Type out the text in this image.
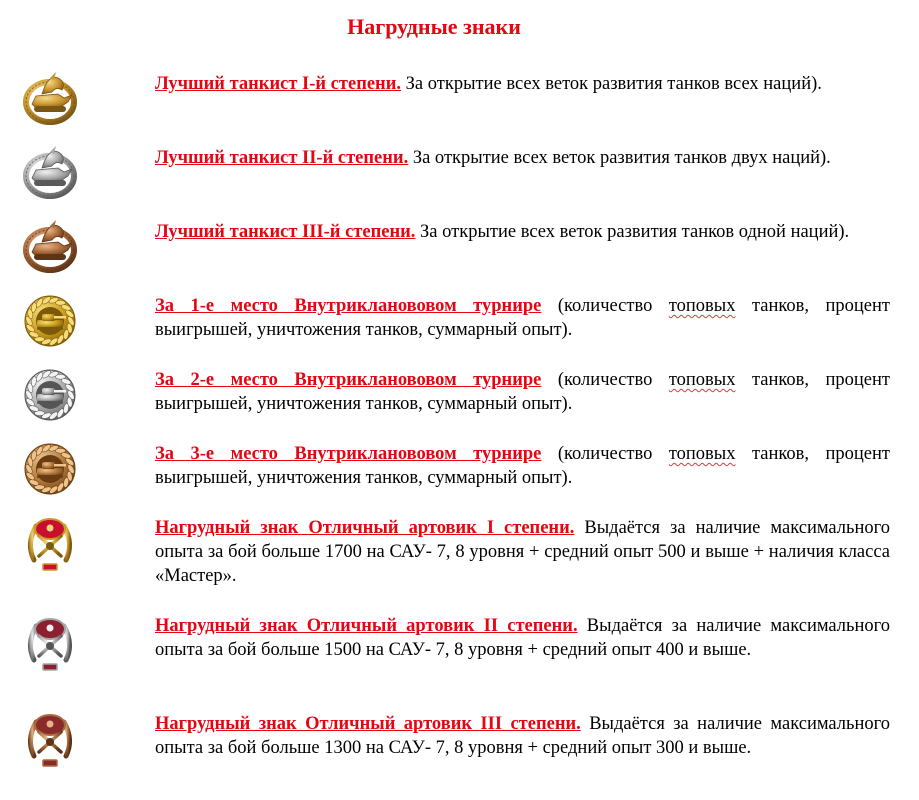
Нагрудные знаки
Лучший танкист I-й степени. За открытие всех веток развития танков всех наций).
Лучший танкист II-й степени. За открытие всех веток развития танков двух наций).
Лучший танкист III-й степени. За открытие всех веток развития танков одной наций).
За 1-е место Внутрикланововом турнире (количество топовых танков, процент выигрышей, уничтожения танков, суммарный опыт).
За 2-е место Внутрикланововом турнире (количество топовых танков, процент выигрышей, уничтожения танков, суммарный опыт).
За 3-е место Внутрикланововом турнире (количество топовых танков, процент выигрышей, уничтожения танков, суммарный опыт).
Нагрудный знак Отличный артовик I степени. Выдаётся за наличие максимального опыта за бой больше 1700 на САУ- 7, 8 уровня + средний опыт 500 и выше + наличия класса «Мастер».
Нагрудный знак Отличный артовик II степени. Выдаётся за наличие максимального опыта за бой больше 1500 на САУ- 7, 8 уровня + средний опыт 400 и выше.
Нагрудный знак Отличный артовик III степени. Выдаётся за наличие максимального опыта за бой больше 1300 на САУ- 7, 8 уровня + средний опыт 300 и выше.
